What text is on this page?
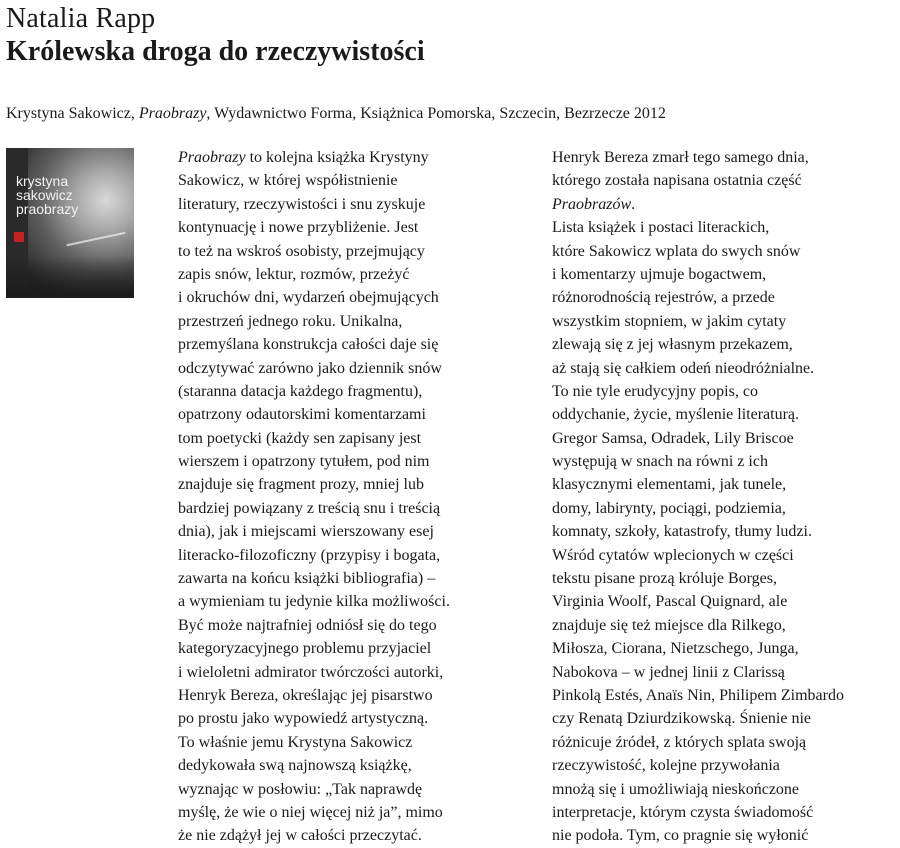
Natalia Rapp
Królewska droga do rzeczywistości
Krystyna Sakowicz, Praobrazy, Wydawnictwo Forma, Książnica Pomorska, Szczecin, Bezrzecze 2012
krystyna
sakowicz
praobrazy
Praobrazy to kolejna książka Krystyny
Sakowicz, w której współistnienie
literatury, rzeczywistości i snu zyskuje
kontynuację i nowe przybliżenie. Jest
to też na wskroś osobisty, przejmujący
zapis snów, lektur, rozmów, przeżyć
i okruchów dni, wydarzeń obejmujących
przestrzeń jednego roku. Unikalna,
przemyślana konstrukcja całości daje się
odczytywać zarówno jako dziennik snów
(staranna datacja każdego fragmentu),
opatrzony odautorskimi komentarzami
tom poetycki (każdy sen zapisany jest
wierszem i opatrzony tytułem, pod nim
znajduje się fragment prozy, mniej lub
bardziej powiązany z treścią snu i treścią
dnia), jak i miejscami wierszowany esej
literacko-filozoficzny (przypisy i bogata,
zawarta na końcu książki bibliografia) –
a wymieniam tu jedynie kilka możliwości.
Być może najtrafniej odniósł się do tego
kategoryzacyjnego problemu przyjaciel
i wieloletni admirator twórczości autorki,
Henryk Bereza, określając jej pisarstwo
po prostu jako wypowiedź artystyczną.
To właśnie jemu Krystyna Sakowicz
dedykowała swą najnowszą książkę,
wyznając w posłowiu: „Tak naprawdę
myślę, że wie o niej więcej niż ja”, mimo
że nie zdążył jej w całości przeczytać.
Henryk Bereza zmarł tego samego dnia,
którego została napisana ostatnia część
Praobrazów.
Lista książek i postaci literackich,
które Sakowicz wplata do swych snów
i komentarzy ujmuje bogactwem,
różnorodnością rejestrów, a przede
wszystkim stopniem, w jakim cytaty
zlewają się z jej własnym przekazem,
aż stają się całkiem odeń nieodróżnialne.
To nie tyle erudycyjny popis, co
oddychanie, życie, myślenie literaturą.
Gregor Samsa, Odradek, Lily Briscoe
występują w snach na równi z ich
klasycznymi elementami, jak tunele,
domy, labirynty, pociągi, podziemia,
komnaty, szkoły, katastrofy, tłumy ludzi.
Wśród cytatów wplecionych w części
tekstu pisane prozą króluje Borges,
Virginia Woolf, Pascal Quignard, ale
znajduje się też miejsce dla Rilkego,
Miłosza, Ciorana, Nietzschego, Junga,
Nabokova – w jednej linii z Clarissą
Pinkolą Estés, Anaïs Nin, Philipem Zimbardo
czy Renatą Dziurdzikowską. Śnienie nie
różnicuje źródeł, z których splata swoją
rzeczywistość, kolejne przywołania
mnożą się i umożliwiają nieskończone
interpretacje, którym czysta świadomość
nie podoła. Tym, co pragnie się wyłonić
